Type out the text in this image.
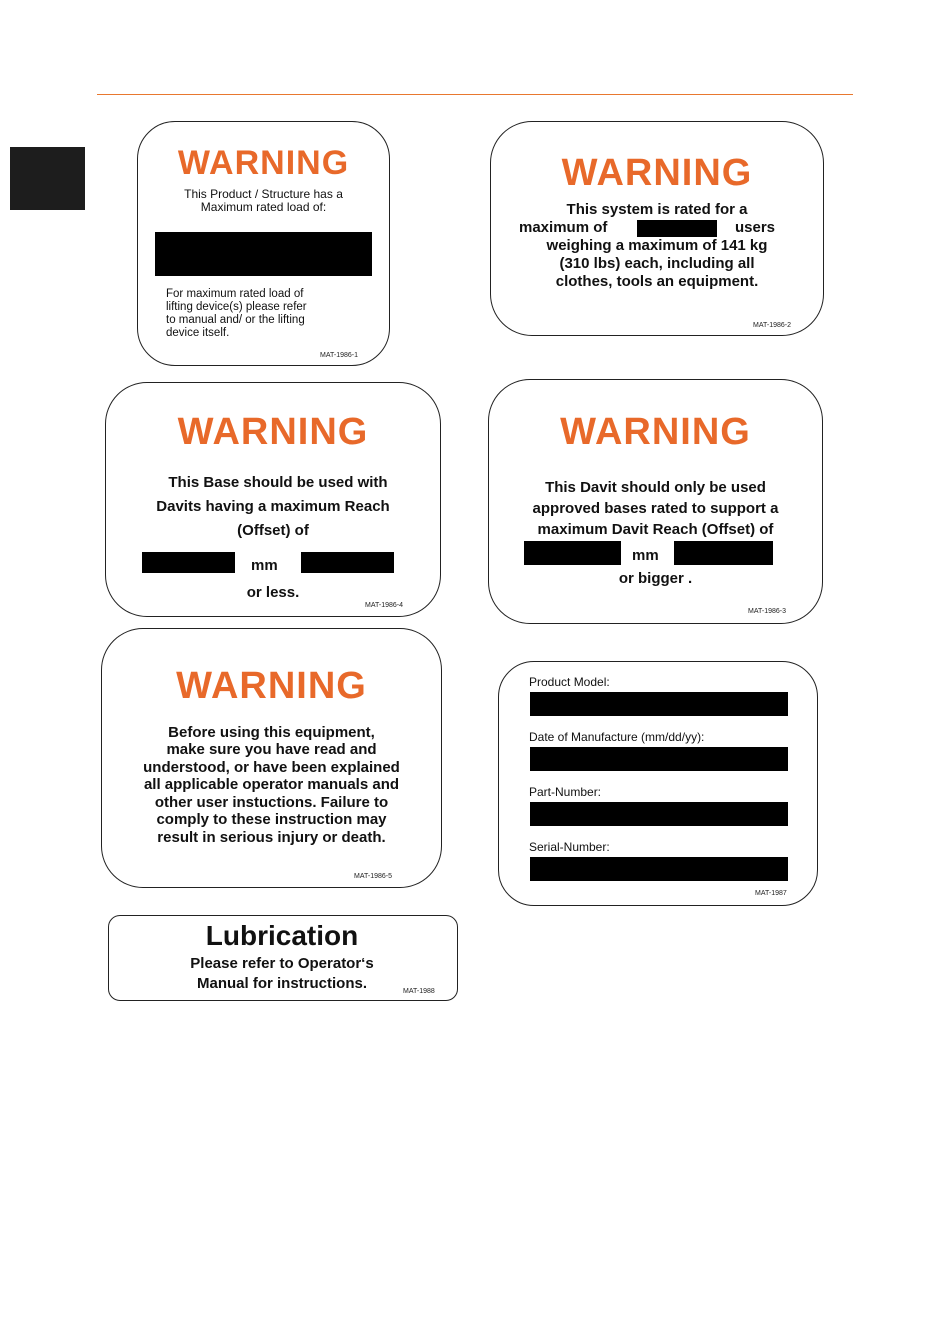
WARNING
This Product / Structure has a
Maximum rated load of:
For maximum rated load of
lifting device(s) please refer
to manual and/ or the lifting
device itself.
MAT-1986-1
WARNING
This system is rated for a
maximum of	users
weighing a maximum of 141 kg
(310 lbs) each, including all
clothes, tools an equipment.
MAT-1986-2
WARNING
This Base should be used with
Davits having a maximum Reach
(Offset) of
mm
or less.
MAT-1986-4
WARNING
This Davit should only be used
approved bases rated to support a
maximum Davit Reach (Offset) of
mm
or bigger .
MAT-1986-3
WARNING
Before using this equipment,
make sure you have read and
understood, or have been explained
all applicable operator manuals and
other user instuctions. Failure to
comply to these instruction may
result in serious injury or death.
MAT-1986-5
Product Model:
Date of Manufacture (mm/dd/yy):
Part-Number:
Serial-Number:
MAT-1987
Lubrication
Please refer to Operator‘s
Manual for instructions.	MAT-1988
